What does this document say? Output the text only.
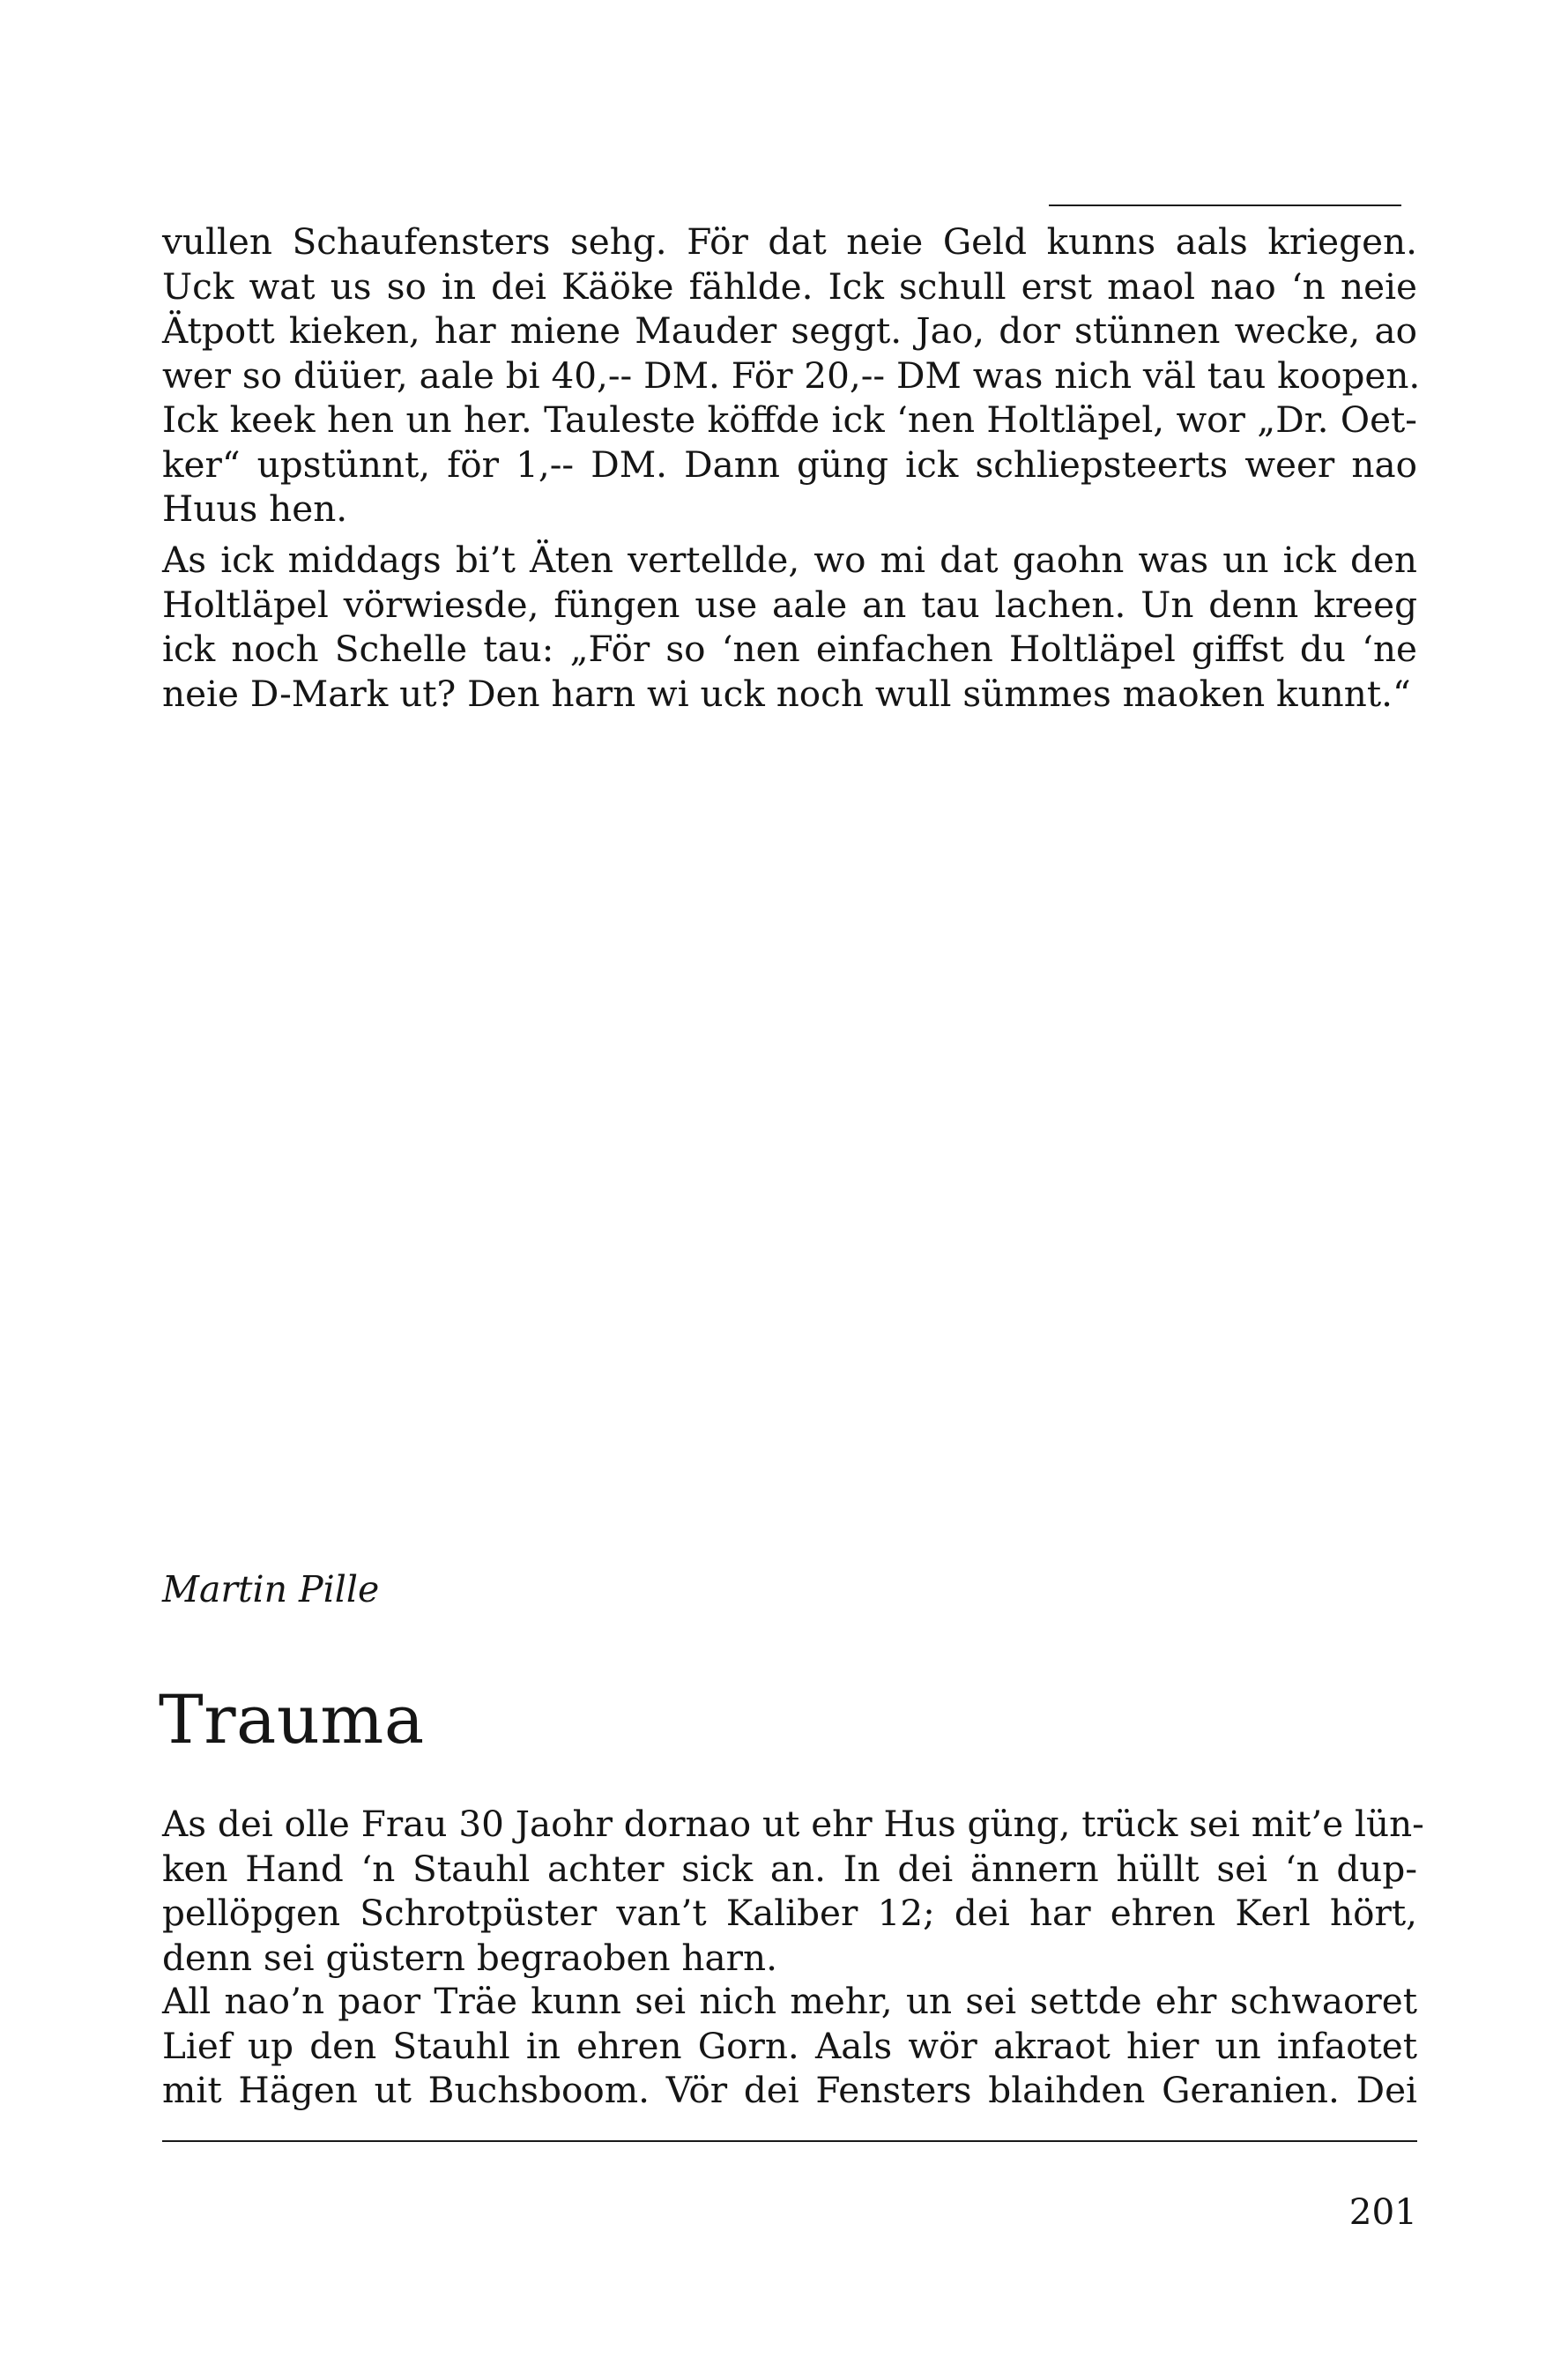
vullen Schaufensters sehg. För dat neie Geld kunns aals kriegen.
Uck wat us so in dei Käöke fählde. Ick schull erst maol nao ‘n neie
Ätpott kieken, har miene Mauder seggt. Jao, dor stünnen wecke, ao
wer so düüer, aale bi 40,-- DM. För 20,-- DM was nich väl tau koopen.
Ick keek hen un her. Tauleste köffde ick ‘nen Holtläpel, wor „Dr. Oet-
ker“ upstünnt, för 1,-- DM. Dann güng ick schliepsteerts weer nao
Huus hen.
As ick middags bi’t Äten vertellde, wo mi dat gaohn was un ick den
Holtläpel vörwiesde, füngen use aale an tau lachen. Un denn kreeg
ick noch Schelle tau: „För so ‘nen einfachen Holtläpel giffst du ‘ne
neie D-Mark ut? Den harn wi uck noch wull sümmes maoken kunnt.“
Martin Pille
Trauma
As dei olle Frau 30 Jaohr dornao ut ehr Hus güng, trück sei mit’e lün-
ken Hand ‘n Stauhl achter sick an. In dei ännern hüllt sei ‘n dup-
pellöpgen Schrotpüster van’t Kaliber 12; dei har ehren Kerl hört,
denn sei güstern begraoben harn.
All nao’n paor Träe kunn sei nich mehr, un sei settde ehr schwaoret
Lief up den Stauhl in ehren Gorn. Aals wör akraot hier un infaotet
mit Hägen ut Buchsboom. Vör dei Fensters blaihden Geranien. Dei
201
